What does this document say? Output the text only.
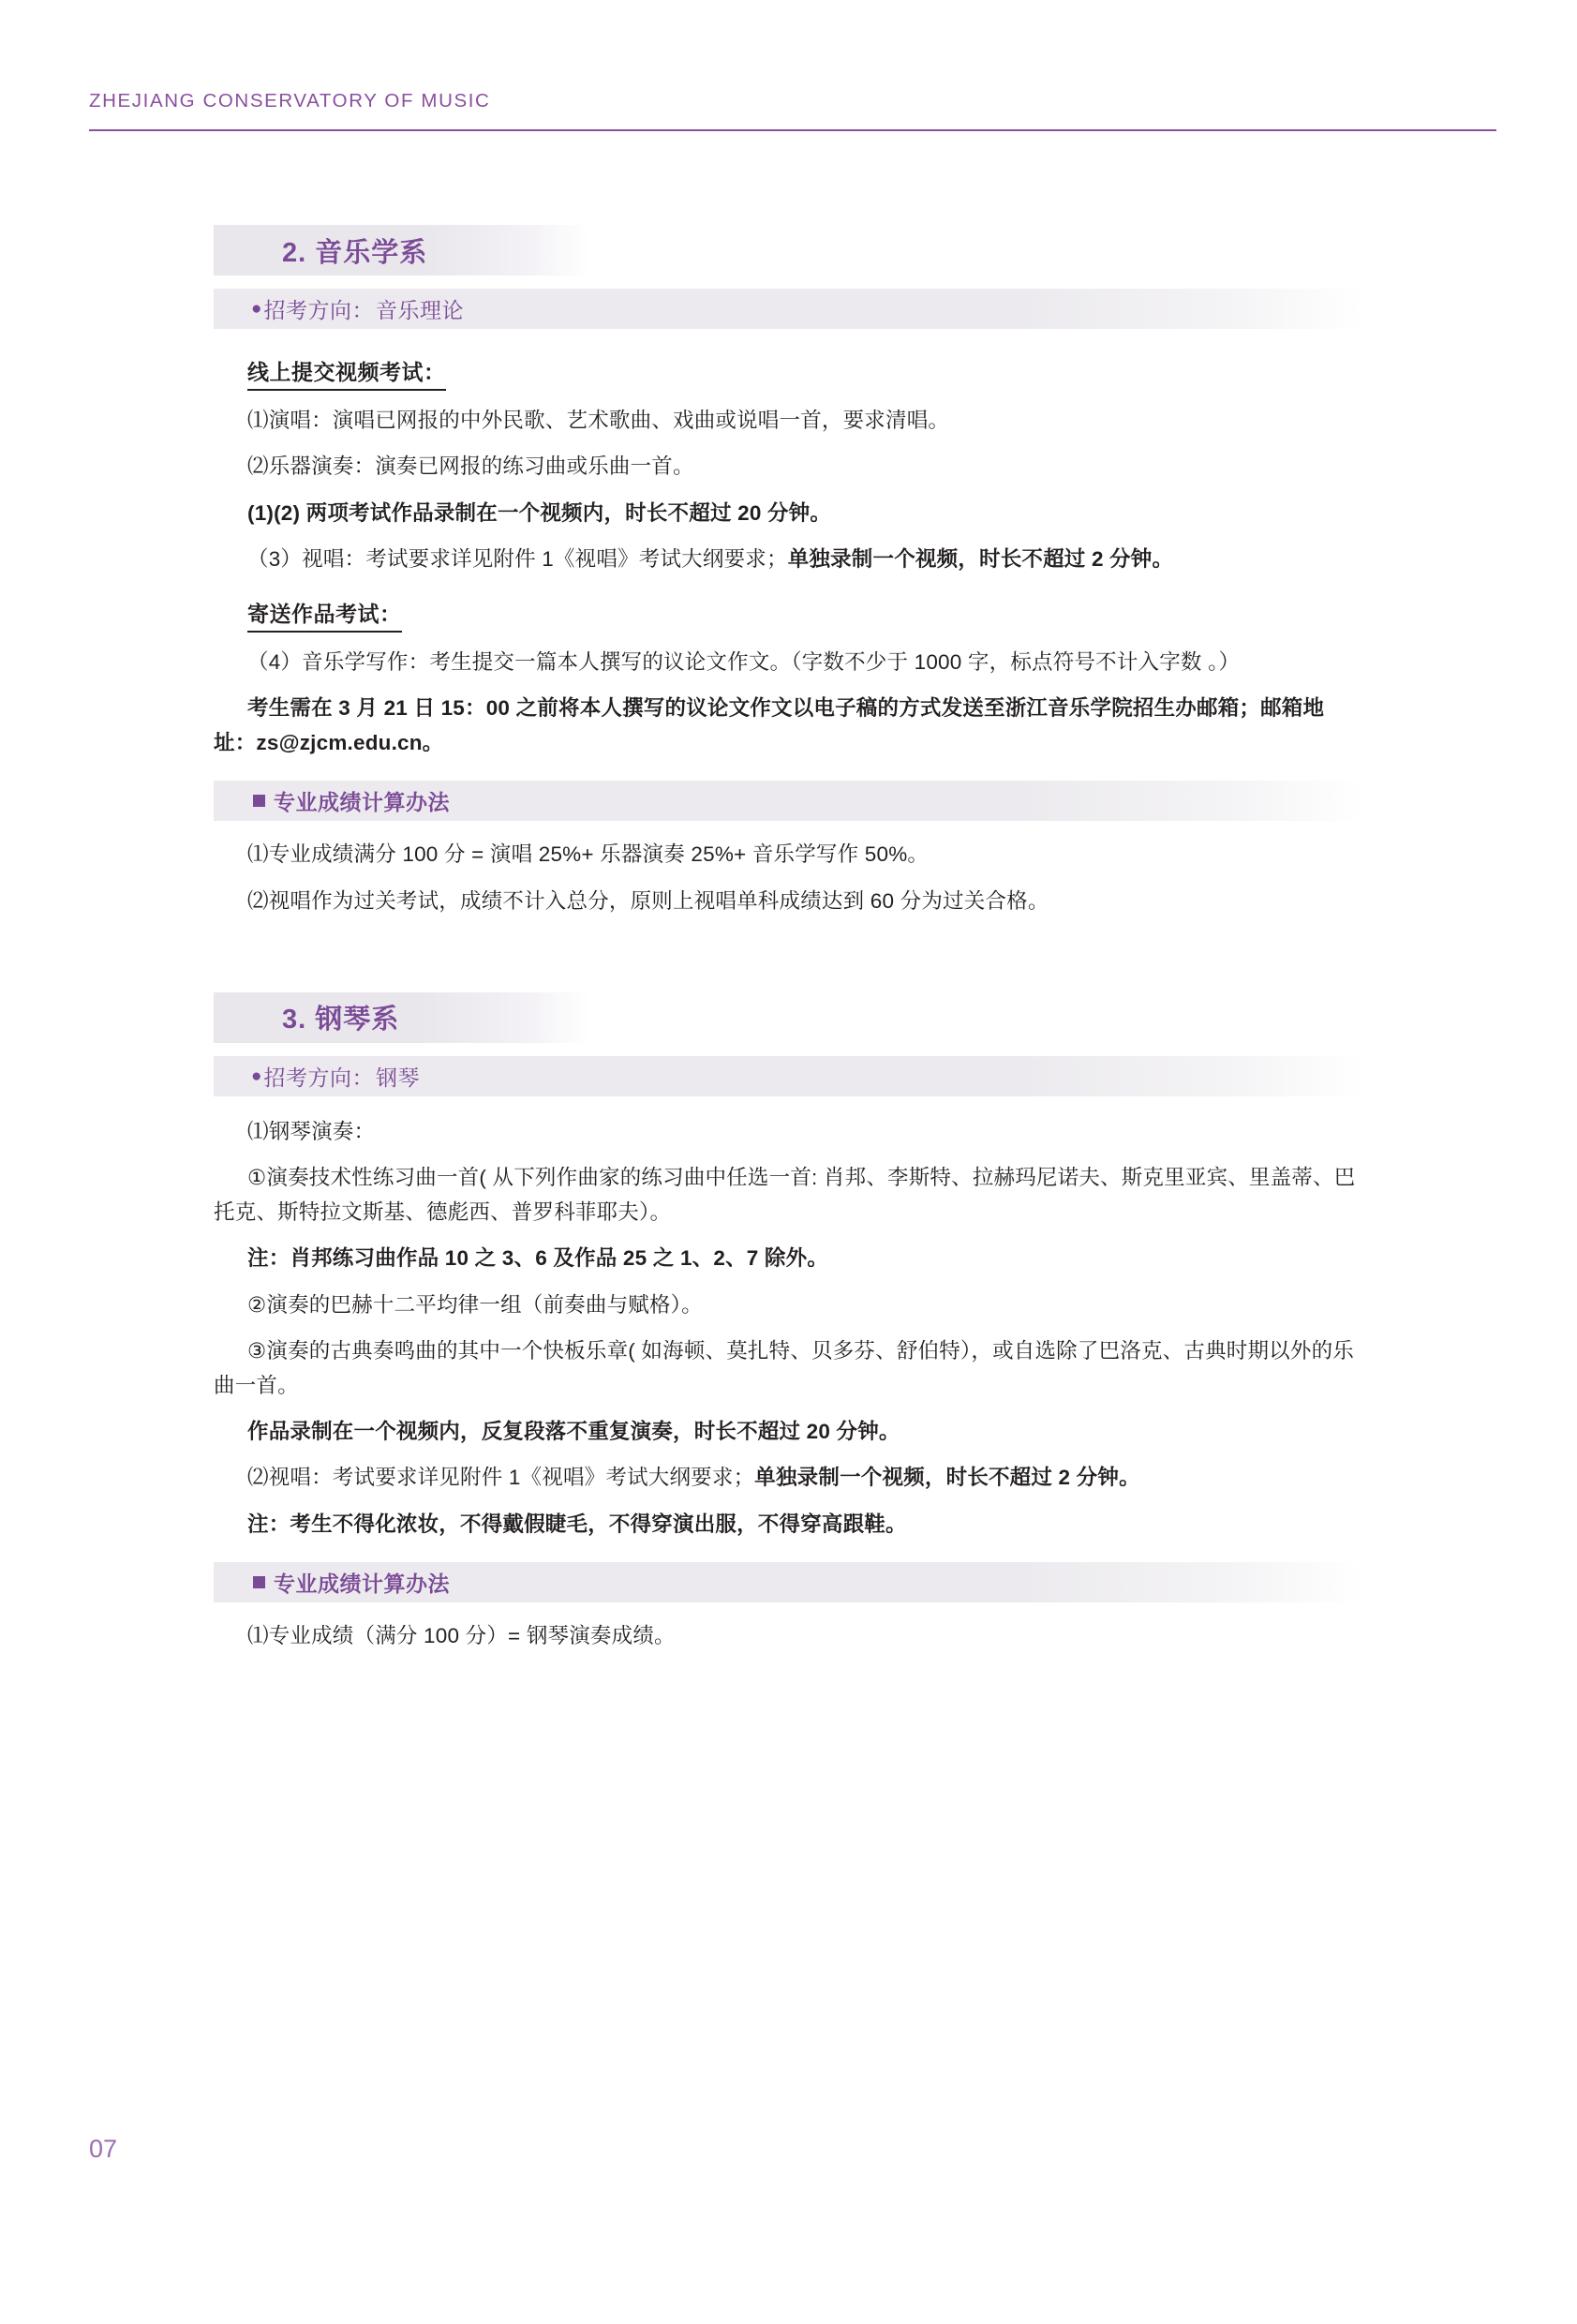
ZHEJIANG CONSERVATORY OF MUSIC
2. 音乐学系
● 招考方向： 音乐理论
线上提交视频考试：

⑴演唱：演唱已网报的中外民歌、艺术歌曲、戏曲或说唱一首，要求清唱。

⑵乐器演奏：演奏已网报的练习曲或乐曲一首。

(1)(2) 两项考试作品录制在一个视频内，时长不超过 20 分钟。

（3）视唱：考试要求详见附件 1《视唱》考试大纲要求；单独录制一个视频，时长不超过 2 分钟。

寄送作品考试：

（4）音乐学写作：考生提交一篇本人撰写的议论文作文。（字数不少于 1000 字，标点符号不计入字数 。）

考生需在 3 月 21 日 15：00 之前将本人撰写的议论文作文以电子稿的方式发送至浙江音乐学院招生办邮箱；邮箱地址：zs@zjcm.edu.cn。

专业成绩计算办法

⑴专业成绩满分 100 分 = 演唱 25%+ 乐器演奏 25%+ 音乐学写作 50%。

⑵视唱作为过关考试，成绩不计入总分，原则上视唱单科成绩达到 60 分为过关合格。

3. 钢琴系
● 招考方向： 钢琴

⑴钢琴演奏：

①演奏技术性练习曲一首( 从下列作曲家的练习曲中任选一首: 肖邦、李斯特、拉赫玛尼诺夫、斯克里亚宾、里盖蒂、巴托克、斯特拉文斯基、德彪西、普罗科菲耶夫）。

注：肖邦练习曲作品 10 之 3、6 及作品 25 之 1、2、7 除外。

②演奏的巴赫十二平均律一组（前奏曲与赋格）。

③演奏的古典奏鸣曲的其中一个快板乐章( 如海顿、莫扎特、贝多芬、舒伯特），或自选除了巴洛克、古典时期以外的乐曲一首。

作品录制在一个视频内，反复段落不重复演奏，时长不超过 20 分钟。

⑵视唱：考试要求详见附件 1《视唱》考试大纲要求；单独录制一个视频，时长不超过 2 分钟。

注：考生不得化浓妆，不得戴假睫毛，不得穿演出服，不得穿高跟鞋。

专业成绩计算办法

⑴专业成绩（满分 100 分）= 钢琴演奏成绩。

07
